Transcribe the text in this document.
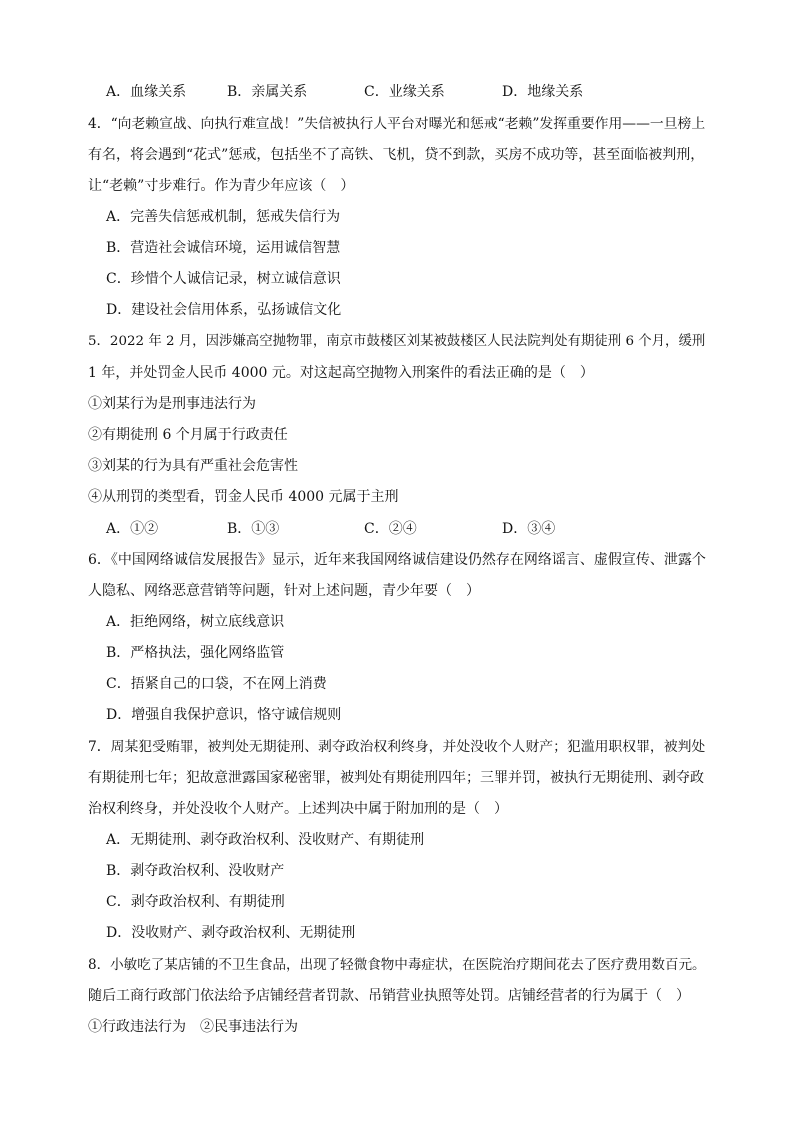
A．血缘关系	B．亲属关系	C．业缘关系	D．地缘关系
4．“向老赖宣战、向执行难宣战！”失信被执行人平台对曝光和惩戒“老赖”发挥重要作用——一旦榜上
有名，将会遇到“花式”惩戒，包括坐不了高铁、飞机，贷不到款，买房不成功等，甚至面临被判刑，
让“老赖”寸步难行。作为青少年应该（　）
A．完善失信惩戒机制，惩戒失信行为
B．营造社会诚信环境，运用诚信智慧
C．珍惜个人诚信记录，树立诚信意识
D．建设社会信用体系，弘扬诚信文化
5．2022 年 2 月，因涉嫌高空抛物罪，南京市鼓楼区刘某被鼓楼区人民法院判处有期徒刑 6 个月，缓刑
1 年，并处罚金人民币 4000 元。对这起高空抛物入刑案件的看法正确的是（　）
①刘某行为是刑事违法行为
②有期徒刑 6 个月属于行政责任
③刘某的行为具有严重社会危害性
④从刑罚的类型看，罚金人民币 4000 元属于主刑
A．①②	B．①③	C．②④	D．③④
6．《中国网络诚信发展报告》显示，近年来我国网络诚信建设仍然存在网络谣言、虚假宣传、泄露个
人隐私、网络恶意营销等问题，针对上述问题，青少年要（　）
A．拒绝网络，树立底线意识
B．严格执法，强化网络监管
C．捂紧自己的口袋，不在网上消费
D．增强自我保护意识，恪守诚信规则
7．周某犯受贿罪，被判处无期徒刑、剥夺政治权利终身，并处没收个人财产；犯滥用职权罪，被判处
有期徒刑七年；犯故意泄露国家秘密罪，被判处有期徒刑四年；三罪并罚，被执行无期徒刑、剥夺政
治权利终身，并处没收个人财产。上述判决中属于附加刑的是（　）
A．无期徒刑、剥夺政治权利、没收财产、有期徒刑
B．剥夺政治权利、没收财产
C．剥夺政治权利、有期徒刑
D．没收财产、剥夺政治权利、无期徒刑
8．小敏吃了某店铺的不卫生食品，出现了轻微食物中毒症状，在医院治疗期间花去了医疗费用数百元。
随后工商行政部门依法给予店铺经营者罚款、吊销营业执照等处罚。店铺经营者的行为属于（　）
①行政违法行为　②民事违法行为
